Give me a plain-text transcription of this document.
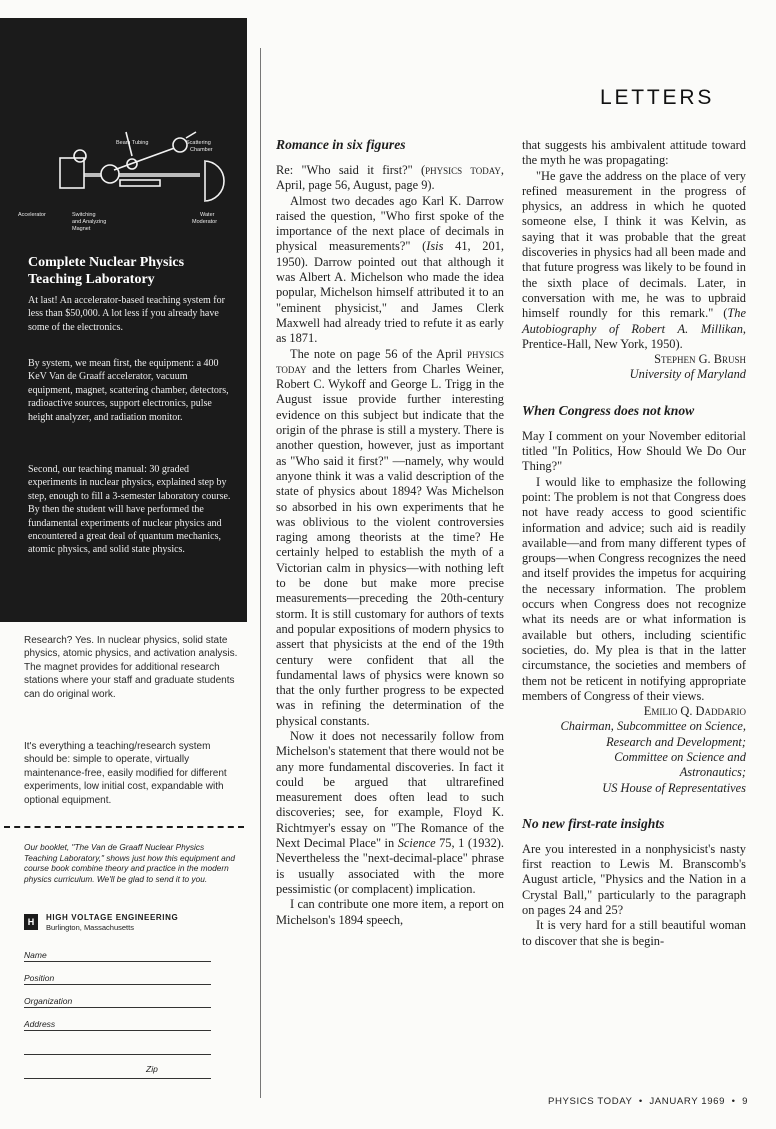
Beam Tubing	Scattering
Chamber
Accelerator	Switching
and Analyzing
Magnet
Water
Moderator
Complete Nuclear Physics Teaching Laboratory
At last! An accelerator-based teaching system for less than $50,000. A lot less if you already have some of the electronics.
By system, we mean first, the equipment: a 400 KeV Van de Graaff accelerator, vacuum equipment, magnet, scattering chamber, detectors, radioactive sources, support electronics, pulse height analyzer, and radiation monitor.
Second, our teaching manual: 30 graded experiments in nuclear physics, explained step by step, enough to fill a 3-semester laboratory course. By then the student will have performed the fundamental experiments of nuclear physics and encountered a great deal of quantum mechanics, atomic physics, and solid state physics.
Research? Yes. In nuclear physics, solid state physics, atomic physics, and activation analysis. The magnet provides for additional research stations where your staff and graduate students can do original work.
It's everything a teaching/research system should be: simple to operate, virtually maintenance-free, easily modified for different experiments, low initial cost, expandable with optional equipment.
Our booklet, "The Van de Graaff Nuclear Physics Teaching Laboratory," shows just how this equipment and course book combine theory and practice in the modern physics curriculum. We'll be glad to send it to you.
H	HIGH VOLTAGE ENGINEERING
Burlington, Massachusetts
Name
Position
Organization
Address
Zip
LETTERS
Romance in six figures

Re: "Who said it first?" (physics today, April, page 56, August, page 9).

Almost two decades ago Karl K. Darrow raised the question, "Who first spoke of the importance of the next place of decimals in physical measurements?" (Isis 41, 201, 1950). Darrow pointed out that although it was Albert A. Michelson who made the idea popular, Michelson himself attributed it to an "eminent physicist," and James Clerk Maxwell had already tried to refute it as early as 1871.

The note on page 56 of the April physics today and the letters from Charles Weiner, Robert C. Wykoff and George L. Trigg in the August issue provide further interesting evidence on this subject but indicate that the origin of the phrase is still a mystery. There is another question, however, just as important as "Who said it first?" —namely, why would anyone think it was a valid description of the state of physics about 1894? Was Michelson so absorbed in his own experiments that he was oblivious to the violent controversies raging among theorists at the time? He certainly helped to establish the myth of a Victorian calm in physics—with nothing left to be done but make more precise measurements—preceding the 20th-century storm. It is still customary for authors of texts and popular expositions of modern physics to assert that physicists at the end of the 19th century were confident that all the fundamental laws of physics were known so that the only further progress to be expected was in refining the determination of the physical constants.

Now it does not necessarily follow from Michelson's statement that there would not be any more fundamental discoveries. In fact it could be argued that ultrarefined measurement does often lead to such discoveries; see, for example, Floyd K. Richtmyer's essay on "The Romance of the Next Decimal Place" in Science 75, 1 (1932). Nevertheless the "next-decimal-place" phrase is usually associated with the more pessimistic (or complacent) implication.

I can contribute one more item, a report on Michelson's 1894 speech,

that suggests his ambivalent attitude toward the myth he was propagating:

"He gave the address on the place of very refined measurement in the progress of physics, an address in which he quoted someone else, I think it was Kelvin, as saying that it was probable that the great discoveries in physics had all been made and that future progress was likely to be found in the sixth place of decimals. Later, in conversation with me, he was to upbraid himself roundly for this remark." (The Autobiography of Robert A. Millikan, Prentice-Hall, New York, 1950).

Stephen G. Brush

University of Maryland

When Congress does not know

May I comment on your November editorial titled "In Politics, How Should We Do Our Thing?"

I would like to emphasize the following point: The problem is not that Congress does not have ready access to good scientific information and advice; such aid is readily available—and from many different types of groups—when Congress recognizes the need and itself provides the impetus for acquiring the necessary information. The problem occurs when Congress does not recognize what its needs are or what information is available but others, including scientific societies, do. My plea is that in the latter circumstance, the societies and members of them not be reticent in notifying appropriate members of Congress of their views.

Emilio Q. Daddario

Chairman, Subcommittee on Science,

Research and Development;

Committee on Science and

Astronautics;

US House of Representatives

No new first-rate insights

Are you interested in a nonphysicist's nasty first reaction to Lewis M. Branscomb's August article, "Physics and the Nation in a Crystal Ball," particularly to the paragraph on pages 24 and 25?

It is very hard for a still beautiful woman to discover that she is begin-

PHYSICS TODAY  •  JANUARY 1969  •  9
